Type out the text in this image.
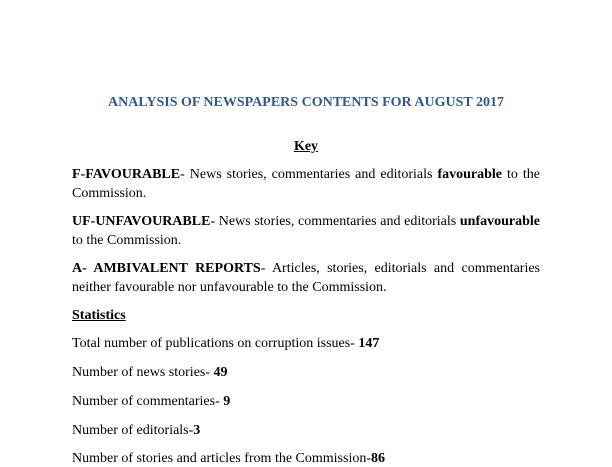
ANALYSIS OF NEWSPAPERS CONTENTS FOR AUGUST 2017
Key
F-FAVOURABLE- News stories, commentaries and editorials favourable to the Commission.
UF-UNFAVOURABLE- News stories, commentaries and editorials unfavourable to the Commission.
A- AMBIVALENT REPORTS- Articles, stories, editorials and commentaries neither favourable nor unfavourable to the Commission.
Statistics
Total number of publications on corruption issues- 147
Number of news stories- 49
Number of commentaries- 9
Number of editorials-3
Number of stories and articles from the Commission-86
